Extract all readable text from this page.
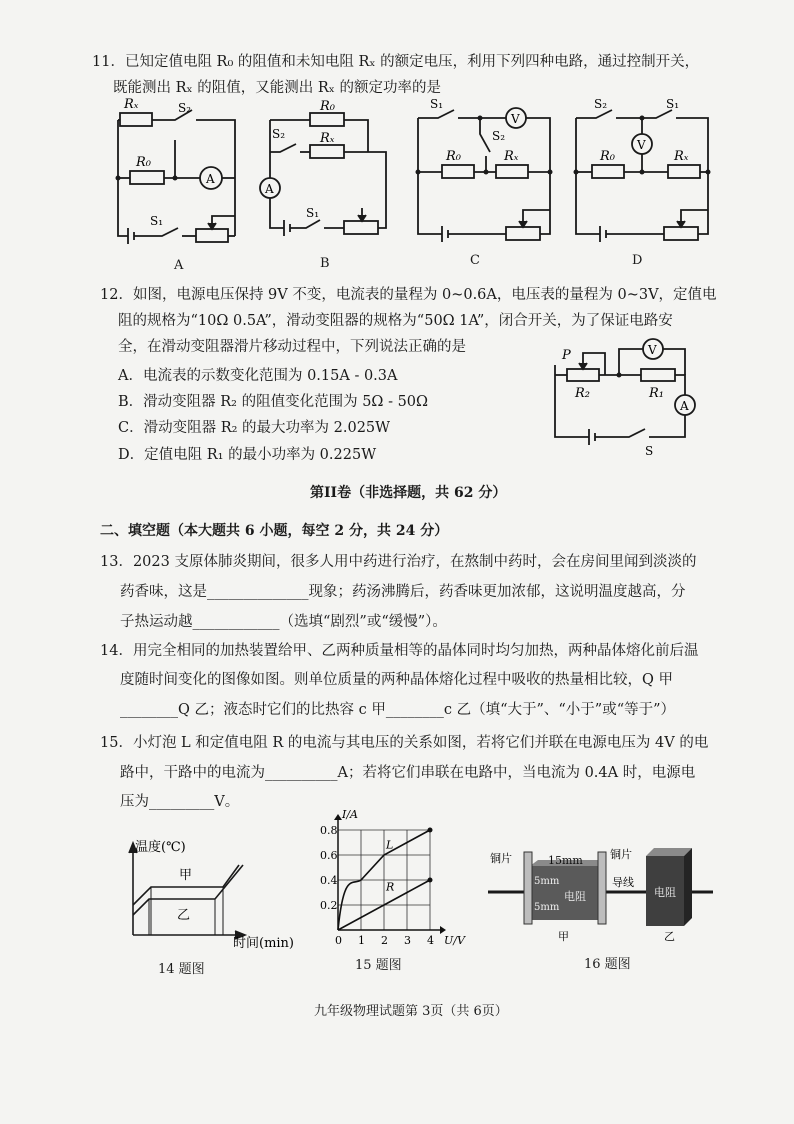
11．已知定值电阻 R₀ 的阻值和未知电阻 Rₓ 的额定电压，利用下列四种电路，通过控制开关，
既能测出 Rₓ 的阻值，又能测出 Rₓ 的额定功率的是
Rₓ	S₂
R₀
A
S₁
A
S₂
R₀
Rₓ
A
S₁
B
S₁
S₂
V
R₀	Rₓ
C
S₂	S₁
V
R₀	Rₓ
D
12．如图，电源电压保持 9V 不变，电流表的量程为 0~0.6A，电压表的量程为 0~3V，定值电
阻的规格为“10Ω 0.5A”，滑动变阻器的规格为“50Ω 1A”，闭合开关，为了保证电路安
全，在滑动变阻器滑片移动过程中，下列说法正确的是
A．电流表的示数变化范围为 0.15A - 0.3A
B．滑动变阻器 R₂ 的阻值变化范围为 5Ω - 50Ω
C．滑动变阻器 R₂ 的最大功率为 2.025W
D．定值电阻 R₁ 的最小功率为 0.225W
P	V
R₂	R₁
A
S
第II卷（非选择题，共 62 分）
二、填空题（本大题共 6 小题，每空 2 分，共 24 分）
13．2023 支原体肺炎期间，很多人用中药进行治疗，在熬制中药时，会在房间里闻到淡淡的
药香味，这是______________现象；药汤沸腾后，药香味更加浓郁，这说明温度越高，分
子热运动越____________（选填“剧烈”或“缓慢”）。
14．用完全相同的加热装置给甲、乙两种质量相等的晶体同时均匀加热，两种晶体熔化前后温
度随时间变化的图像如图。则单位质量的两种晶体熔化过程中吸收的热量相比较，Q 甲
________Q 乙；液态时它们的比热容 c 甲________c 乙（填“大于”、“小于”或“等于”）
15．小灯泡 L 和定值电阻 R 的电流与其电压的关系如图，若将它们并联在电源电压为 4V 的电
路中，干路中的电流为__________A；若将它们串联在电路中，当电流为 0.4A 时，电源电
压为_________V。
温度(℃)
甲
乙
时间(min)
14 题图
0.2
0.4
0.6
0.8
0 1 2 3 4
I/A
U/V
L
R
15 题图
铜片	铜片
15mm
5mm
5mm
电阻
导线
电阻
甲	乙
16 题图
九年级物理试题第 3页（共 6页）
